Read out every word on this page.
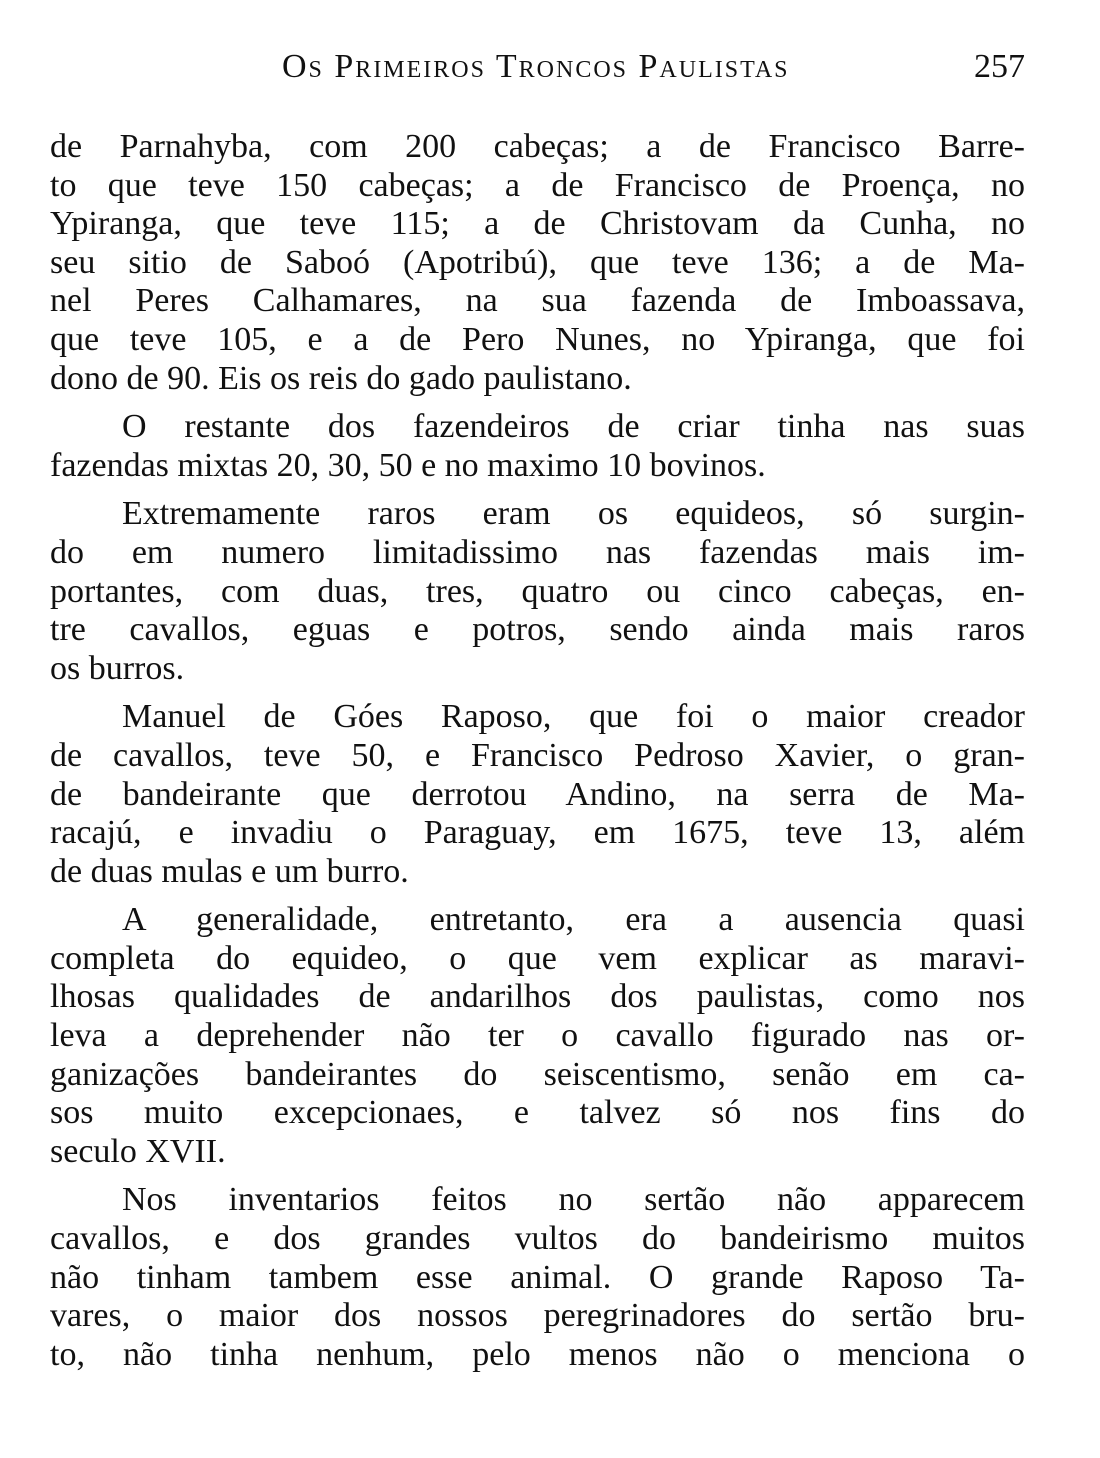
Os Primeiros Troncos Paulistas	257
de Parnahyba, com 200 cabeças; a de Francisco Barre-
to que teve 150 cabeças; a de Francisco de Proença, no
Ypiranga, que teve 115; a de Christovam da Cunha, no
seu sitio de Saboó (Apotribú), que teve 136; a de Ma-
nel Peres Calhamares, na sua fazenda de Imboassava,
que teve 105, e a de Pero Nunes, no Ypiranga, que foi
dono de 90. Eis os reis do gado paulistano.
O restante dos fazendeiros de criar tinha nas suas
fazendas mixtas 20, 30, 50 e no maximo 10 bovinos.
Extremamente raros eram os equideos, só surgin-
do em numero limitadissimo nas fazendas mais im-
portantes, com duas, tres, quatro ou cinco cabeças, en-
tre cavallos, eguas e potros, sendo ainda mais raros
os burros.
Manuel de Góes Raposo, que foi o maior creador
de cavallos, teve 50, e Francisco Pedroso Xavier, o gran-
de bandeirante que derrotou Andino, na serra de Ma-
racajú, e invadiu o Paraguay, em 1675, teve 13, além
de duas mulas e um burro.
A generalidade, entretanto, era a ausencia quasi
completa do equideo, o que vem explicar as maravi-
lhosas qualidades de andarilhos dos paulistas, como nos
leva a deprehender não ter o cavallo figurado nas or-
ganizações bandeirantes do seiscentismo, senão em ca-
sos muito excepcionaes, e talvez só nos fins do
seculo XVII.
Nos inventarios feitos no sertão não apparecem
cavallos, e dos grandes vultos do bandeirismo muitos
não tinham tambem esse animal. O grande Raposo Ta-
vares, o maior dos nossos peregrinadores do sertão bru-
to, não tinha nenhum, pelo menos não o menciona o
